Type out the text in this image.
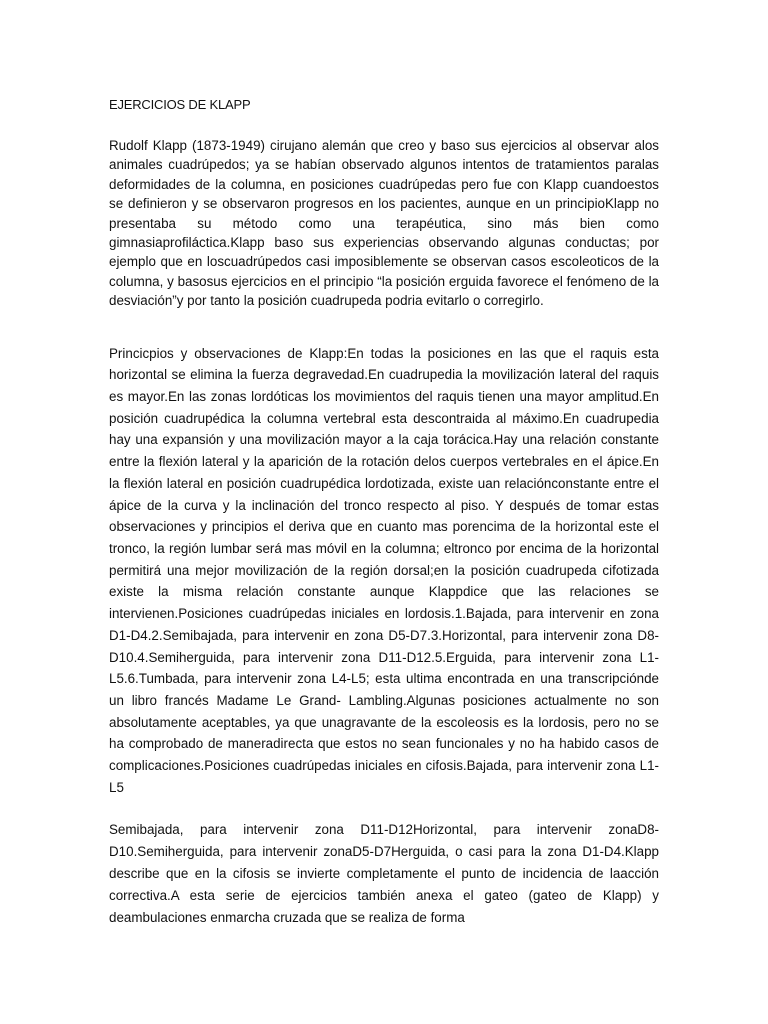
EJERCICIOS DE KLAPP

Rudolf Klapp (1873-1949) cirujano alemán que creo y baso sus ejercicios al observar alos animales cuadrúpedos; ya se habían observado algunos intentos de tratamientos paralas deformidades de la columna, en posiciones cuadrúpedas pero fue con Klapp cuandoestos se definieron y se observaron progresos en los pacientes, aunque en un principioKlapp no presentaba su método como una terapéutica, sino más bien como gimnasiaprofiláctica.Klapp baso sus experiencias observando algunas conductas; por ejemplo que en loscuadrúpedos casi imposiblemente se observan casos escoleoticos de la columna, y basosus ejercicios en el principio “la posición erguida favorece el fenómeno de la desviación”y por tanto la posición cuadrupeda podria evitarlo o corregirlo.

Princicpios y observaciones de Klapp:En todas la posiciones en las que el raquis esta horizontal se elimina la fuerza degravedad.En cuadrupedia la movilización lateral del raquis es mayor.En las zonas lordóticas los movimientos del raquis tienen una mayor amplitud.En posición cuadrupédica la columna vertebral esta descontraida al máximo.En cuadrupedia hay una expansión y una movilización mayor a la caja torácica.Hay una relación constante entre la flexión lateral y la aparición de la rotación delos cuerpos vertebrales en el ápice.En la flexión lateral en posición cuadrupédica lordotizada, existe uan relaciónconstante entre el ápice de la curva y la inclinación del tronco respecto al piso. Y después de tomar estas observaciones y principios el deriva que en cuanto mas porencima de la horizontal este el tronco, la región lumbar será mas móvil en la columna; eltronco por encima de la horizontal permitirá una mejor movilización de la región dorsal;en la posición cuadrupeda cifotizada existe la misma relación constante aunque Klappdice que las relaciones se intervienen.Posiciones cuadrúpedas iniciales en lordosis.1.Bajada, para intervenir en zona D1-D4.2.Semibajada, para intervenir en zona D5-D7.3.Horizontal, para intervenir zona D8-D10.4.Semiherguida, para intervenir zona D11-D12.5.Erguida, para intervenir zona L1-L5.6.Tumbada, para intervenir zona L4-L5; esta ultima encontrada en una transcripciónde un libro francés Madame Le Grand- Lambling.Algunas posiciones actualmente no son absolutamente aceptables, ya que unagravante de la escoleosis es la lordosis, pero no se ha comprobado de maneradirecta que estos no sean funcionales y no ha habido casos de complicaciones.Posiciones cuadrúpedas iniciales en cifosis.Bajada, para intervenir zona L1-L5

Semibajada, para intervenir zona D11-D12Horizontal, para intervenir zonaD8-D10.Semiherguida, para intervenir zonaD5-D7Herguida, o casi para la zona D1-D4.Klapp describe que en la cifosis se invierte completamente el punto de incidencia de laacción correctiva.A esta serie de ejercicios también anexa el gateo (gateo de Klapp) y deambulaciones enmarcha cruzada que se realiza de forma
